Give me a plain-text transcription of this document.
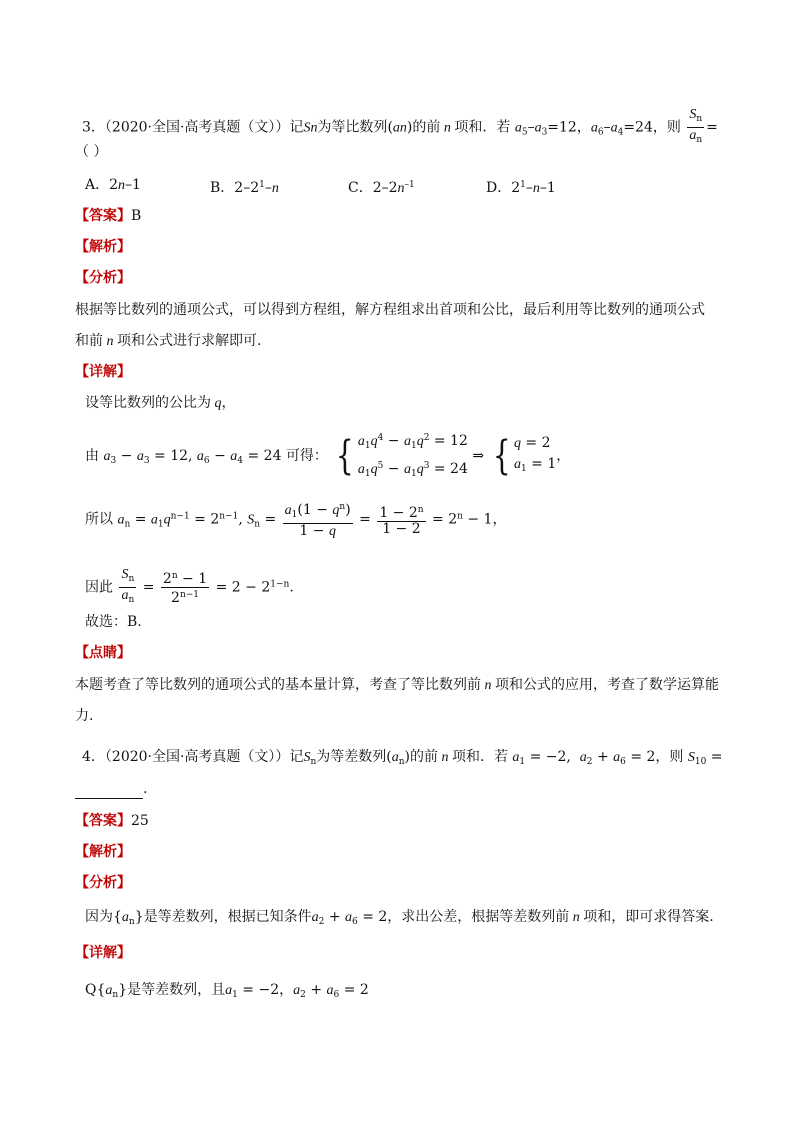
3．（2020·全国·高考真题（文））记Sn为等比数列(an)的前 n 项和．若 $a_5-a_3=12$，$a_6-a_4=24$，则 $\frac{S_n}{a_n}$ =
（ ）
A．2n–1	B．$2-2^1-n$	C．$2-2n^{-1}$	D．$2^1-n-1$
【答案】B
【解析】
【分析】
根据等比数列的通项公式，可以得到方程组，解方程组求出首项和公比，最后利用等比数列的通项公式
和前 n 项和公式进行求解即可.
【详解】
设等比数列的公比为 q，
由 $a_3 - a_3 = 12$, $a_6 - a_4 = 24$ 可得： { $a_1q^4 - a_1q^2 = 12$
$a_1q^5 - a_1q^3 = 24$ ⇒ { q = 2
$a_1 = 1$，
所以 $a_n = a_1q^{n-1} = 2^{n-1}$, $S_n = \frac{a_1(1 - q^n)}{1 - q} = \frac{1 - 2^n}{1 - 2} = 2^n - 1$，
因此 $\frac{S_n}{a_n} = \frac{2^n - 1}{2^{n-1}} = 2 - 2^{1-n}$.
故选：B.
【点睛】
本题考查了等比数列的通项公式的基本量计算，考查了等比数列前 n 项和公式的应用，考查了数学运算能
力.
4．（2020·全国·高考真题（文））记$S_n$为等差数列$(a_n)$的前 n 项和．若 $a_1 = -2$,  $a_2 + a_6 = 2$，则 $S_{10}$ =
.
【答案】25
【解析】
【分析】
因为$\{a_n\}$是等差数列，根据已知条件$a_2 + a_6 = 2$，求出公差，根据等差数列前 n 项和，即可求得答案.
【详解】
$Q\{a_n\}$是等差数列，且$a_1 = -2$，$a_2 + a_6 = 2$
